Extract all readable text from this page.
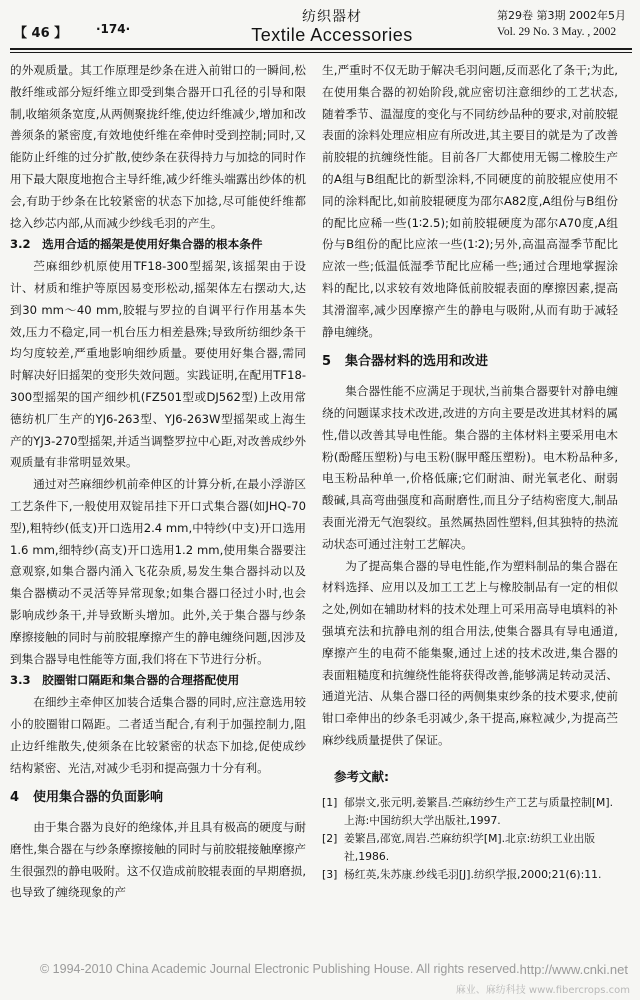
【 46 】 ·174·
纺织器材
Textile Accessories
第29卷 第3期 2002年5月
Vol. 29 No. 3 May. , 2002

的外观质量。其工作原理是纱条在进入前钳口的一瞬间,松散纤维或部分短纤维立即受到集合器开口孔径的引导和限制,收缩须条宽度,从两侧聚拢纤维,使边纤维减少,增加和改善须条的紧密度,有效地使纤维在牵伸时受到控制;同时,又能防止纤维的过分扩散,使纱条在获得持力与加捻的同时作用下最大限度地抱合主导纤维,减少纤维头端露出纱体的机会,有助于纱条在比较紧密的状态下加捻,尽可能使纤维都捻入纱芯内部,从而减少纱线毛羽的产生。

3.2　选用合适的摇架是使用好集合器的根本条件

苎麻细纱机原使用TF18-300型摇架,该摇架由于设计、材质和维护等原因易变形松动,摇架体左右摆动大,达到30 mm～40 mm,胶辊与罗拉的自调平行作用基本失效,压力不稳定,同一机台压力相差悬殊;导致所纺细纱条干均匀度较差,严重地影响细纱质量。要使用好集合器,需同时解决好旧摇架的变形失效问题。实践证明,在配用TF18-300型摇架的国产细纱机(FZ501型或DJ562型)上改用常德纺机厂生产的YJ6-263型、YJ6-263W型摇架或上海生产的YJ3-270型摇架,并适当调整罗拉中心距,对改善成纱外观质量有非常明显效果。

通过对苎麻细纱机前牵伸区的计算分析,在最小浮游区工艺条件下,一般使用双锭吊挂下开口式集合器(如JHQ-70型),粗特纱(低支)开口选用2.4 mm,中特纱(中支)开口选用1.6 mm,细特纱(高支)开口选用1.2 mm,使用集合器要注意观察,如集合器内涌入飞花杂质,易发生集合器抖动以及集合器横动不灵活等异常现象;如集合器口径过小时,也会影响成纱条干,并导致断头增加。此外,关于集合器与纱条摩擦接触的同时与前胶辊摩擦产生的静电缠绕问题,因涉及到集合器导电性能等方面,我们将在下节进行分析。

3.3　胶圈钳口隔距和集合器的合理搭配使用

在细纱主牵伸区加装合适集合器的同时,应注意选用较小的胶圈钳口隔距。二者适当配合,有利于加强控制力,阻止边纤维散失,使须条在比较紧密的状态下加捻,促使成纱结构紧密、光洁,对减少毛羽和提高强力十分有利。

4 使用集合器的负面影响

由于集合器为良好的绝缘体,并且具有极高的硬度与耐磨性,集合器在与纱条摩擦接触的同时与前胶辊接触摩擦产生很强烈的静电吸附。这不仅造成前胶辊表面的早期磨损,也导致了缠绕现象的产

生,严重时不仅无助于解决毛羽问题,反而恶化了条干;为此,在使用集合器的初始阶段,就应密切注意细纱的工艺状态,随着季节、温湿度的变化与不同纺纱品种的要求,对前胶辊表面的涂料处理应相应有所改进,其主要目的就是为了改善前胶辊的抗缠绕性能。目前各厂大都使用无锡二橡胶生产的A组与B组配比的新型涂料,不同硬度的前胶辊应使用不同的涂料配比,如前胶辊硬度为邵尔A82度,A组份与B组份的配比应稀一些(1∶2.5);如前胶辊硬度为邵尔A70度,A组份与B组份的配比应浓一些(1∶2);另外,高温高湿季节配比应浓一些;低温低湿季节配比应稀一些;通过合理地掌握涂料的配比,以求较有效地降低前胶辊表面的摩擦因素,提高其滑溜率,减少因摩擦产生的静电与吸附,从而有助于减轻静电缠绕。

5 集合器材料的选用和改进

集合器性能不应满足于现状,当前集合器要针对静电缠绕的问题谋求技术改进,改进的方向主要是改进其材料的属性,借以改善其导电性能。集合器的主体材料主要采用电木粉(酚醛压塑粉)与电玉粉(脲甲醛压塑粉)。电木粉品种多,电玉粉品种单一,价格低廉;它们耐油、耐光氧老化、耐弱酸碱,具高弯曲强度和高耐磨性,而且分子结构密度大,制品表面光滑无气泡裂纹。虽然属热固性塑料,但其独特的热流动状态可通过注射工艺解决。

为了提高集合器的导电性能,作为塑料制品的集合器在材料选择、应用以及加工工艺上与橡胶制品有一定的相似之处,例如在辅助材料的技术处理上可采用高导电填料的补强填充法和抗静电剂的组合用法,使集合器具有导电通道,摩擦产生的电荷不能集聚,通过上述的技术改进,集合器的表面粗糙度和抗缠绕性能将获得改善,能够满足转动灵活、通道光洁、从集合器口径的两侧集束纱条的技术要求,使前钳口牵伸出的纱条毛羽减少,条干提高,麻粒减少,为提高苎麻纱线质量提供了保证。

参考文献:
[1] 郁崇文,张元明,姜繁昌.苎麻纺纱生产工艺与质量控制[M].上海:中国纺织大学出版社,1997.
[2] 姜繁昌,邵宽,周岩.苎麻纺织学[M].北京:纺织工业出版社,1986.
[3] 杨红英,朱苏康.纱线毛羽[J].纺织学报,2000;21(6):11.
© 1994-2010 China Academic Journal Electronic Publishing House. All rights reserved. http://www.cnki.net
麻业、麻纺科技 www.fibercrops.com
